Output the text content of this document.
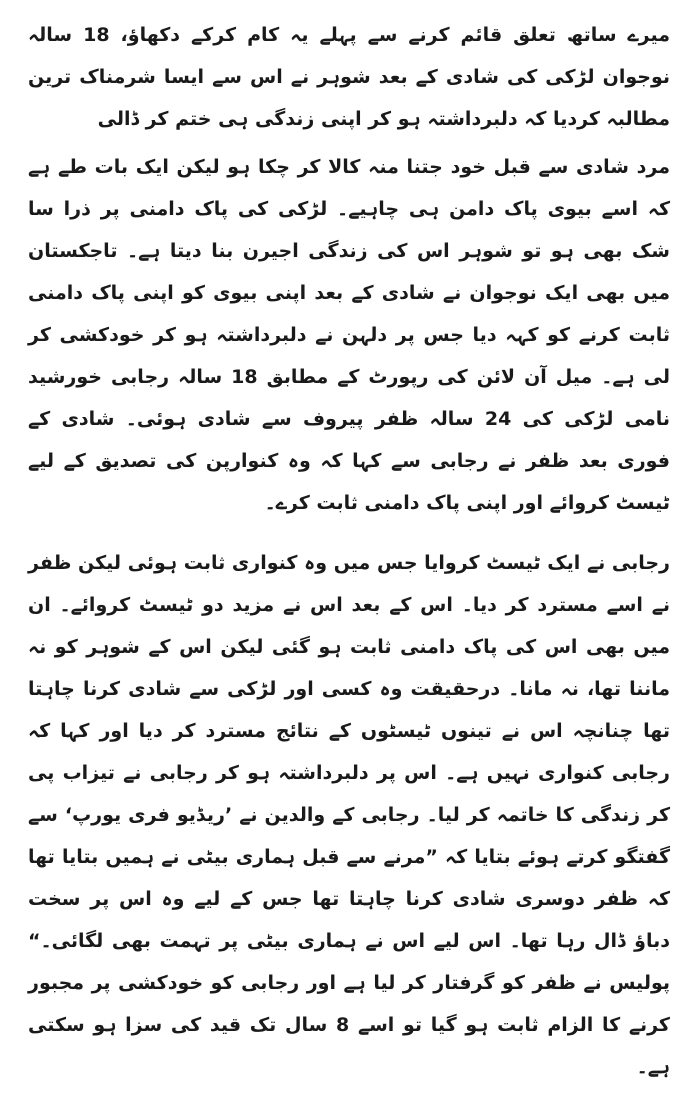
میرے ساتھ تعلق قائم کرنے سے پہلے یہ کام کرکے دکھاؤ، 18 سالہ نوجوان لڑکی کی شادی کے بعد شوہر نے اس سے ایسا شرمناک ترین مطالبہ کردیا کہ دلبرداشتہ ہو کر اپنی زندگی ہی ختم کر ڈالی

مرد شادی سے قبل خود جتنا منہ کالا کر چکا ہو لیکن ایک بات طے ہے کہ اسے بیوی پاک دامن ہی چاہیے۔ لڑکی کی پاک دامنی پر ذرا سا شک بھی ہو تو شوہر اس کی زندگی اجیرن بنا دیتا ہے۔ تاجکستان میں بھی ایک نوجوان نے شادی کے بعد اپنی بیوی کو اپنی پاک دامنی ثابت کرنے کو کہہ دیا جس پر دلہن نے دلبرداشتہ ہو کر خودکشی کر لی ہے۔ میل آن لائن کی رپورٹ کے مطابق 18 سالہ رجابی خورشید نامی لڑکی کی 24 سالہ ظفر پیروف سے شادی ہوئی۔ شادی کے فوری بعد ظفر نے رجابی سے کہا کہ وہ کنوارپن کی تصدیق کے لیے ٹیسٹ کروائے اور اپنی پاک دامنی ثابت کرے۔

رجابی نے ایک ٹیسٹ کروایا جس میں وہ کنواری ثابت ہوئی لیکن ظفر نے اسے مسترد کر دیا۔ اس کے بعد اس نے مزید دو ٹیسٹ کروائے۔ ان میں بھی اس کی پاک دامنی ثابت ہو گئی لیکن اس کے شوہر کو نہ ماننا تھا، نہ مانا۔ درحقیقت وہ کسی اور لڑکی سے شادی کرنا چاہتا تھا چنانچہ اس نے تینوں ٹیسٹوں کے نتائج مسترد کر دیا اور کہا کہ رجابی کنواری نہیں ہے۔ اس پر دلبرداشتہ ہو کر رجابی نے تیزاب پی کر زندگی کا خاتمہ کر لیا۔ رجابی کے والدین نے ’ریڈیو فری یورپ‘ سے گفتگو کرتے ہوئے بتایا کہ ”مرنے سے قبل ہماری بیٹی نے ہمیں بتایا تھا کہ ظفر دوسری شادی کرنا چاہتا تھا جس کے لیے وہ اس پر سخت دباؤ ڈال رہا تھا۔ اس لیے اس نے ہماری بیٹی پر تہمت بھی لگائی۔“ پولیس نے ظفر کو گرفتار کر لیا ہے اور رجابی کو خودکشی پر مجبور کرنے کا الزام ثابت ہو گیا تو اسے 8 سال تک قید کی سزا ہو سکتی ہے۔
